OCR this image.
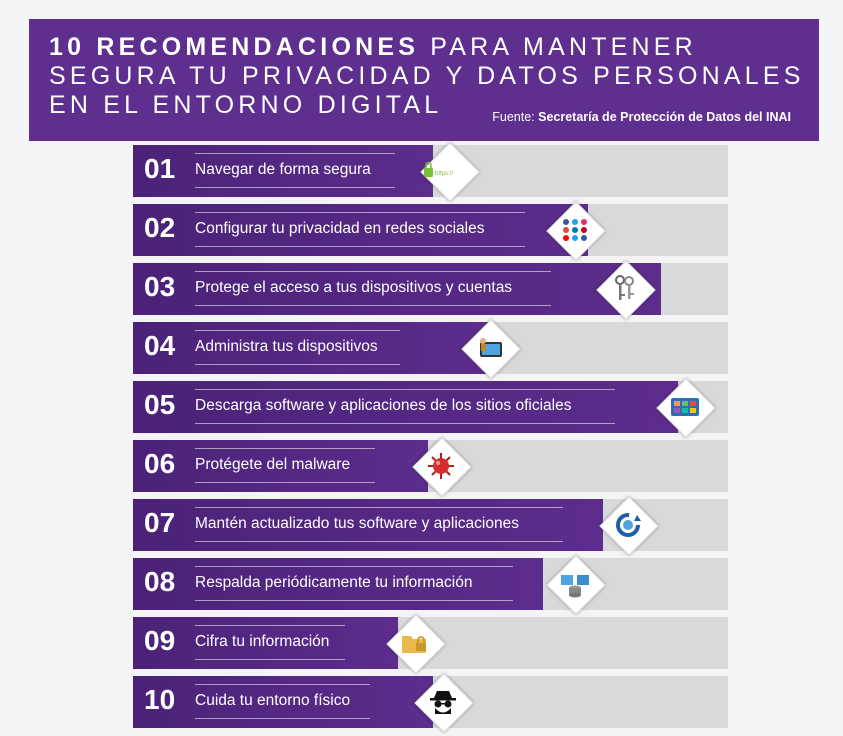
10 RECOMENDACIONES PARA MANTENER SEGURA TU PRIVACIDAD Y DATOS PERSONALES EN EL ENTORNO DIGITAL	Fuente: Secretaría de Protección de Datos del INAI
01 Navegar de forma segura	https://
02 Configurar tu privacidad en redes sociales
03 Protege el acceso a tus dispositivos y cuentas
04 Administra tus dispositivos
05 Descarga software y aplicaciones de los sitios oficiales
06 Protégete del malware
07 Mantén actualizado tus software y aplicaciones
08 Respalda periódicamente tu información
09 Cifra tu información
10 Cuida tu entorno físico
